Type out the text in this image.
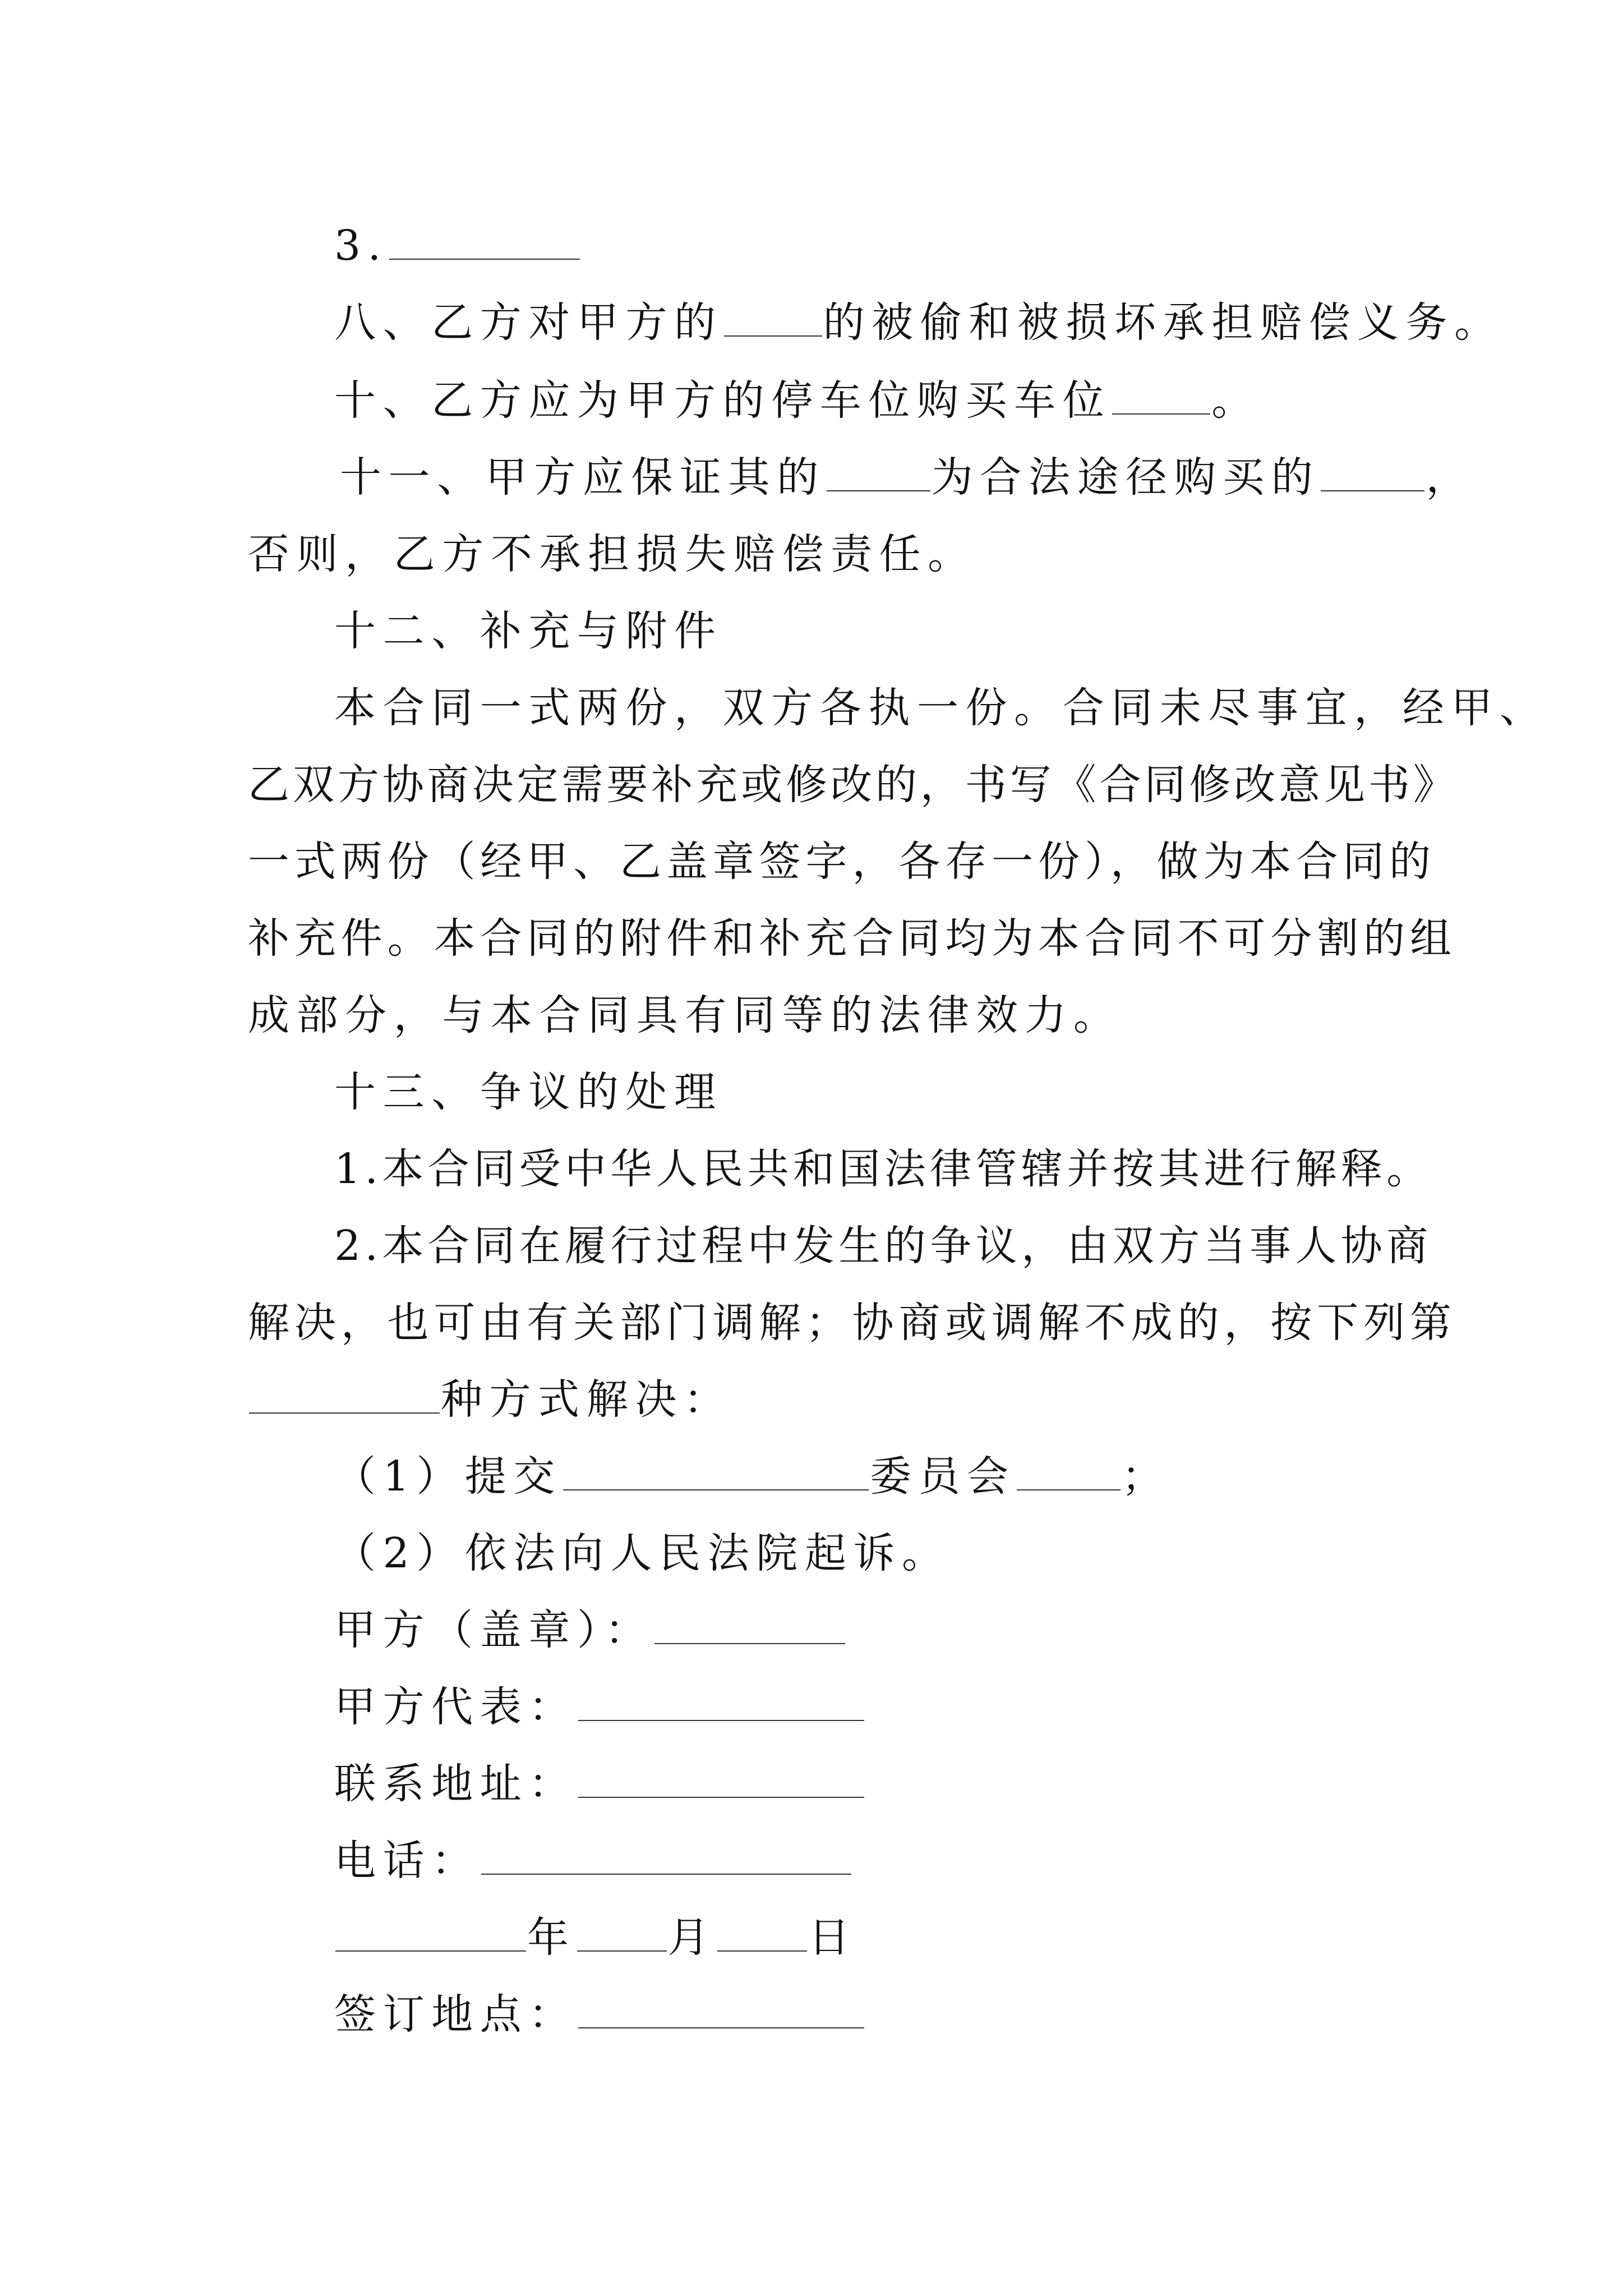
3.
八、乙方对甲方的 的被偷和被损坏承担赔偿义务。
十、乙方应为甲方的停车位购买车位 。
十一、甲方应保证其的	为合法途径购买的	，
否则，乙方不承担损失赔偿责任。
十二、补充与附件
本合同一式两份，双方各执一份。合同未尽事宜，经甲、
乙双方协商决定需要补充或修改的，书写《合同修改意见书》
一式两份（经甲、乙盖章签字，各存一份），做为本合同的
补充件。本合同的附件和补充合同均为本合同不可分割的组
成部分，与本合同具有同等的法律效力。
十三、争议的处理
1.本合同受中华人民共和国法律管辖并按其进行解释。
2.本合同在履行过程中发生的争议，由双方当事人协商
解决，也可由有关部门调解；协商或调解不成的，按下列第
种方式解决：
（1）提交	委员会	；
（2）依法向人民法院起诉。
甲方（盖章）：
甲方代表：
联系地址：
电话：
年 月 日
签订地点：
